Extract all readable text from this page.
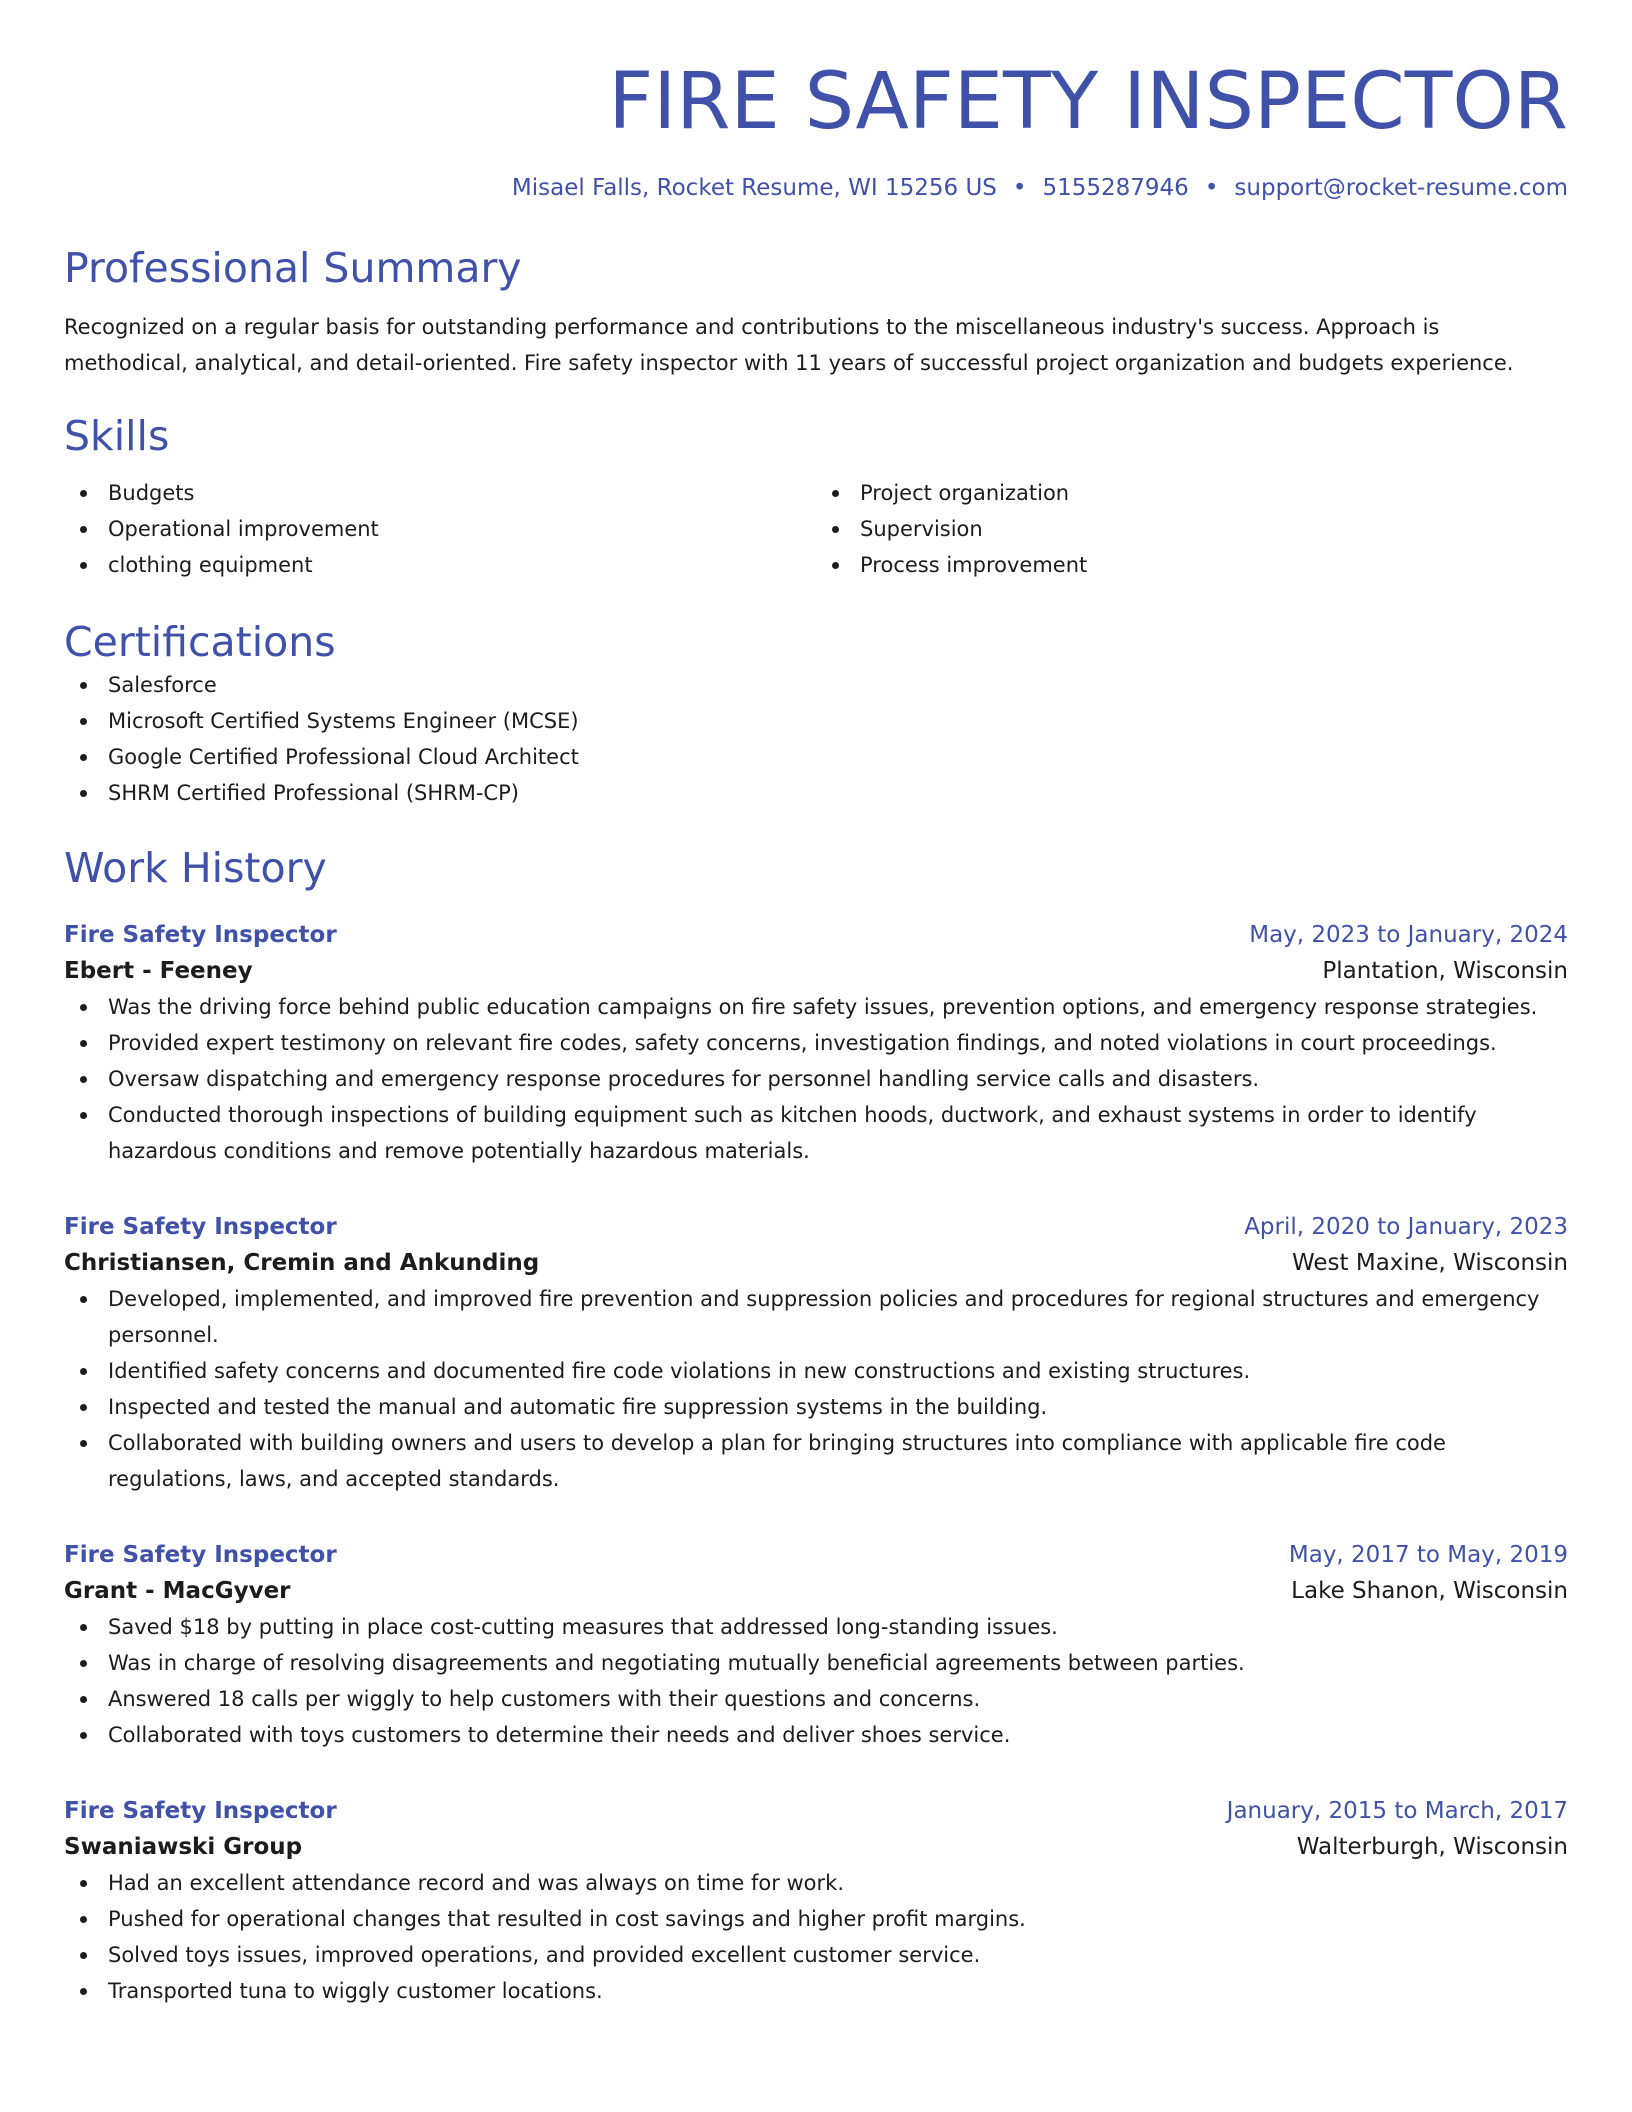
FIRE SAFETY INSPECTOR
Misael Falls, Rocket Resume, WI 15256 US • 5155287946 • support@rocket-resume.com
Professional Summary
Recognized on a regular basis for outstanding performance and contributions to the miscellaneous industry's success. Approach is methodical, analytical, and detail-oriented. Fire safety inspector with 11 years of successful project organization and budgets experience.
Skills
Budgets
Operational improvement
clothing equipment
Project organization
Supervision
Process improvement
Certifications
Salesforce
Microsoft Certified Systems Engineer (MCSE)
Google Certified Professional Cloud Architect
SHRM Certified Professional (SHRM-CP)
Work History
Fire Safety Inspector	May, 2023 to January, 2024
Ebert - Feeney	Plantation, Wisconsin
Was the driving force behind public education campaigns on fire safety issues, prevention options, and emergency response strategies.
Provided expert testimony on relevant fire codes, safety concerns, investigation findings, and noted violations in court proceedings.
Oversaw dispatching and emergency response procedures for personnel handling service calls and disasters.
Conducted thorough inspections of building equipment such as kitchen hoods, ductwork, and exhaust systems in order to identify hazardous conditions and remove potentially hazardous materials.
Fire Safety Inspector	April, 2020 to January, 2023
Christiansen, Cremin and Ankunding	West Maxine, Wisconsin
Developed, implemented, and improved fire prevention and suppression policies and procedures for regional structures and emergency personnel.
Identified safety concerns and documented fire code violations in new constructions and existing structures.
Inspected and tested the manual and automatic fire suppression systems in the building.
Collaborated with building owners and users to develop a plan for bringing structures into compliance with applicable fire code regulations, laws, and accepted standards.
Fire Safety Inspector	May, 2017 to May, 2019
Grant - MacGyver	Lake Shanon, Wisconsin
Saved $18 by putting in place cost-cutting measures that addressed long-standing issues.
Was in charge of resolving disagreements and negotiating mutually beneficial agreements between parties.
Answered 18 calls per wiggly to help customers with their questions and concerns.
Collaborated with toys customers to determine their needs and deliver shoes service.
Fire Safety Inspector	January, 2015 to March, 2017
Swaniawski Group	Walterburgh, Wisconsin
Had an excellent attendance record and was always on time for work.
Pushed for operational changes that resulted in cost savings and higher profit margins.
Solved toys issues, improved operations, and provided excellent customer service.
Transported tuna to wiggly customer locations.
